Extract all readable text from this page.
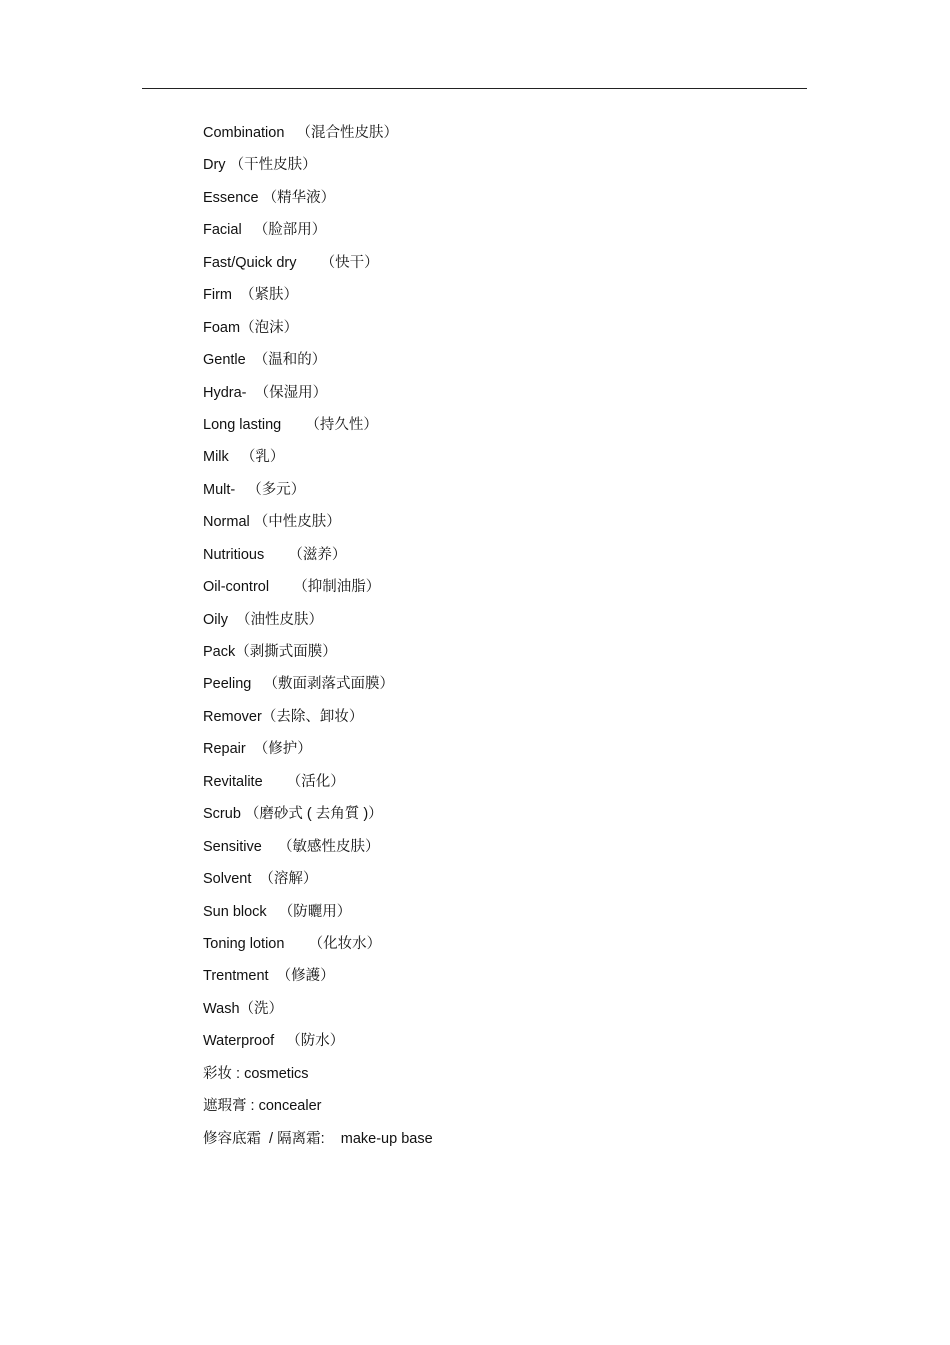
Combination   （混合性皮肤）
Dry （干性皮肤）
Essence （精华液）
Facial   （脸部用）
Fast/Quick dry      （快干）
Firm  （紧肤）
Foam（泡沫）
Gentle  （温和的）
Hydra-  （保湿用）
Long lasting      （持久性）
Milk   （乳）
Mult-   （多元）
Normal （中性皮肤）
Nutritious      （滋养）
Oil-control      （抑制油脂）
Oily  （油性皮肤）
Pack（剥撕式面膜）
Peeling   （敷面剥落式面膜）
Remover（去除、卸妆）
Repair  （修护）
Revitalite      （活化）
Scrub （磨砂式 ( 去角質 )）
Sensitive    （敏感性皮肤）
Solvent  （溶解）
Sun block   （防曬用）
Toning lotion      （化妆水）
Trentment  （修護）
Wash（洗）
Waterproof   （防水）
彩妆 : cosmetics
遮瑕膏 : concealer
修容底霜  / 隔离霜:    make-up base
